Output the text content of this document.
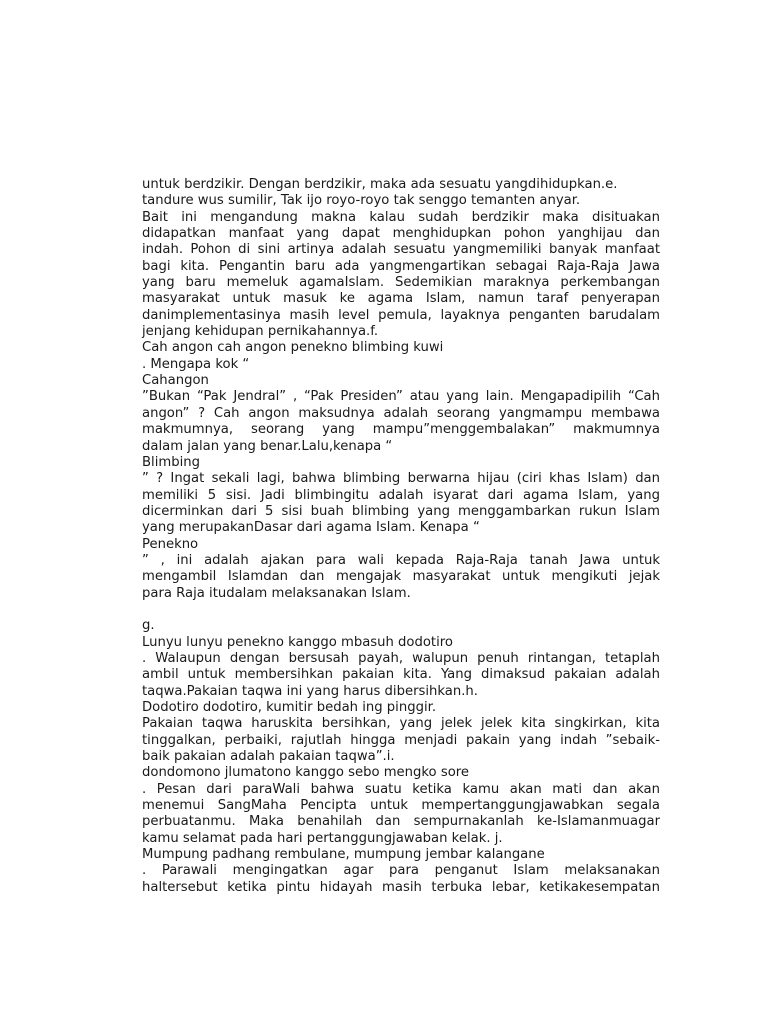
untuk berdzikir. Dengan berdzikir, maka ada sesuatu yangdihidupkan.e.
tandure wus sumilir, Tak ijo royo-royo tak senggo temanten anyar.
Bait ini mengandung makna kalau sudah berdzikir maka disituakan
didapatkan manfaat yang dapat menghidupkan pohon yanghijau dan
indah. Pohon di sini artinya adalah sesuatu yangmemiliki banyak manfaat
bagi kita. Pengantin baru ada yangmengartikan sebagai Raja-Raja Jawa
yang baru memeluk agamaIslam. Sedemikian maraknya perkembangan
masyarakat untuk masuk ke agama Islam, namun taraf penyerapan
danimplementasinya masih level pemula, layaknya penganten barudalam
jenjang kehidupan pernikahannya.f.
Cah angon cah angon penekno blimbing kuwi
. Mengapa kok “
Cahangon
”Bukan “Pak Jendral” , “Pak Presiden” atau yang lain. Mengapadipilih “Cah
angon” ? Cah angon maksudnya adalah seorang yangmampu membawa
makmumnya, seorang yang mampu”menggembalakan” makmumnya
dalam jalan yang benar.Lalu,kenapa “
Blimbing
” ? Ingat sekali lagi, bahwa blimbing berwarna hijau (ciri khas Islam) dan
memiliki 5 sisi. Jadi blimbingitu adalah isyarat dari agama Islam, yang
dicerminkan dari 5 sisi buah blimbing yang menggambarkan rukun Islam
yang merupakanDasar dari agama Islam. Kenapa “
Penekno
” , ini adalah ajakan para wali kepada Raja-Raja tanah Jawa untuk
mengambil Islamdan dan mengajak masyarakat untuk mengikuti jejak
para Raja itudalam melaksanakan Islam.
g.
Lunyu lunyu penekno kanggo mbasuh dodotiro
. Walaupun dengan bersusah payah, walupun penuh rintangan, tetaplah
ambil untuk membersihkan pakaian kita. Yang dimaksud pakaian adalah
taqwa.Pakaian taqwa ini yang harus dibersihkan.h.
Dodotiro dodotiro, kumitir bedah ing pinggir.
Pakaian taqwa haruskita bersihkan, yang jelek jelek kita singkirkan, kita
tinggalkan, perbaiki, rajutlah hingga menjadi pakain yang indah ”sebaik-
baik pakaian adalah pakaian taqwa”.i.
dondomono jlumatono kanggo sebo mengko sore
. Pesan dari paraWali bahwa suatu ketika kamu akan mati dan akan
menemui SangMaha Pencipta untuk mempertanggungjawabkan segala
perbuatanmu. Maka benahilah dan sempurnakanlah ke-Islamanmuagar
kamu selamat pada hari pertanggungjawaban kelak. j.
Mumpung padhang rembulane, mumpung jembar kalangane
. Parawali mengingatkan agar para penganut Islam melaksanakan
haltersebut ketika pintu hidayah masih terbuka lebar, ketikakesempatan
